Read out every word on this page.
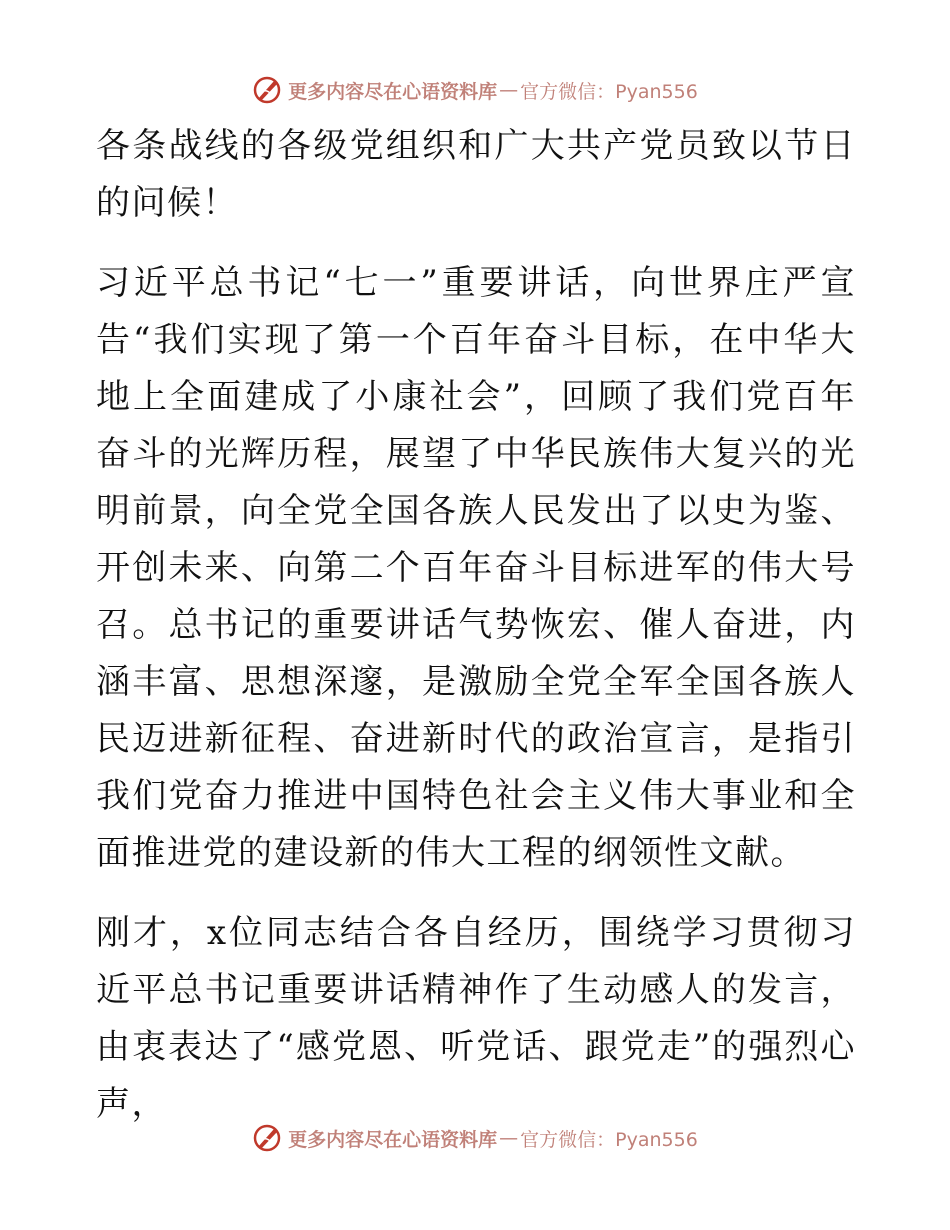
更多内容尽在心语资料库 — 官方微信：Pyan556

各条战线的各级党组织和广大共产党员致以节日的问候！

习近平总书记“七一”重要讲话，向世界庄严宣告“我们实现了第一个百年奋斗目标，在中华大地上全面建成了小康社会”，回顾了我们党百年奋斗的光辉历程，展望了中华民族伟大复兴的光明前景，向全党全国各族人民发出了以史为鉴、开创未来、向第二个百年奋斗目标进军的伟大号召。总书记的重要讲话气势恢宏、催人奋进，内涵丰富、思想深邃，是激励全党全军全国各族人民迈进新征程、奋进新时代的政治宣言，是指引我们党奋力推进中国特色社会主义伟大事业和全面推进党的建设新的伟大工程的纲领性文献。

刚才，x位同志结合各自经历，围绕学习贯彻习近平总书记重要讲话精神作了生动感人的发言，由衷表达了“感党恩、听党话、跟党走”的强烈心声，

更多内容尽在心语资料库 — 官方微信：Pyan556
